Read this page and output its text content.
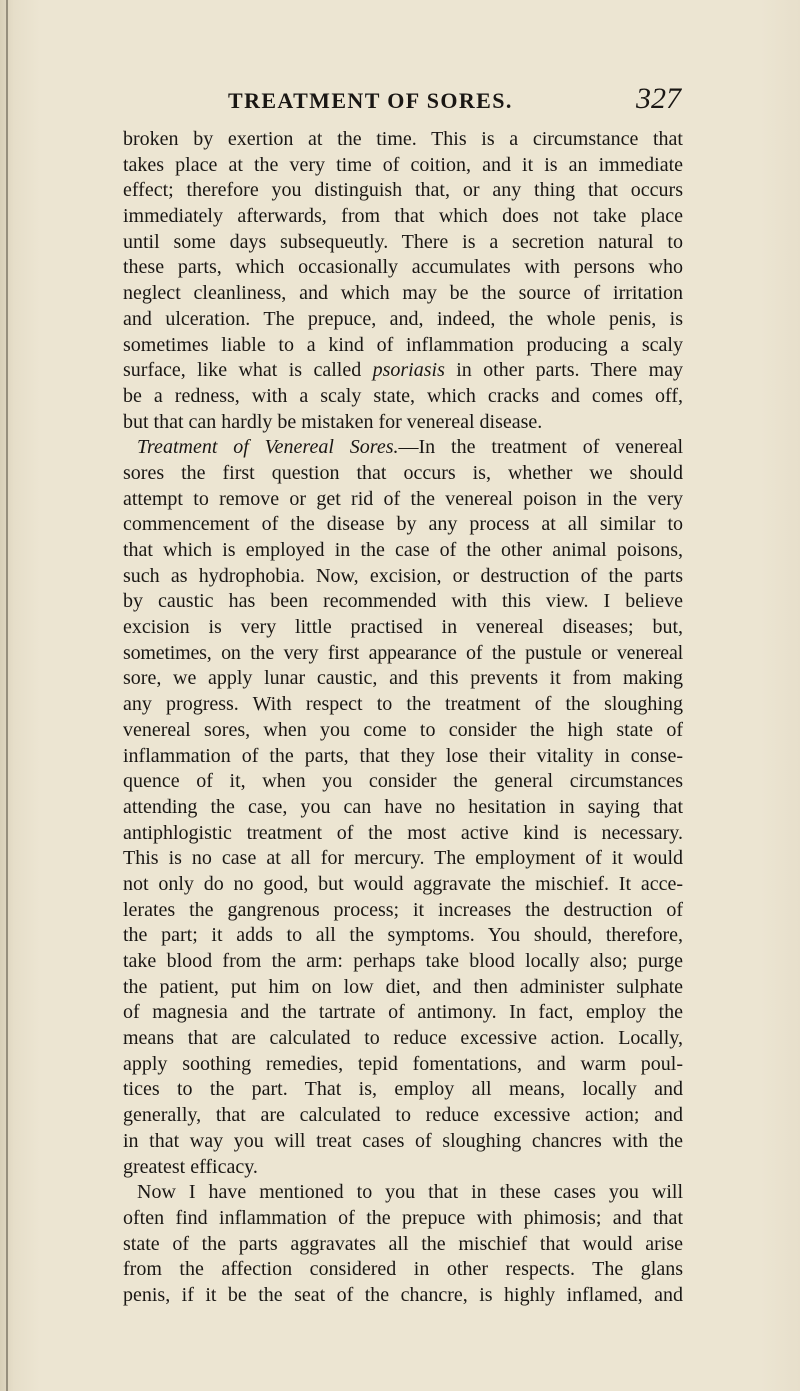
TREATMENT OF SORES.	327
broken by exertion at the time. This is a circumstance that
takes place at the very time of coition, and it is an immediate
effect; therefore you distinguish that, or any thing that occurs
immediately afterwards, from that which does not take place
until some days subsequeutly. There is a secretion natural to
these parts, which occasionally accumulates with persons who
neglect cleanliness, and which may be the source of irritation
and ulceration. The prepuce, and, indeed, the whole penis, is
sometimes liable to a kind of inflammation producing a scaly
surface, like what is called psoriasis in other parts. There may
be a redness, with a scaly state, which cracks and comes off,
but that can hardly be mistaken for venereal disease.
Treatment of Venereal Sores.—In the treatment of venereal
sores the first question that occurs is, whether we should
attempt to remove or get rid of the venereal poison in the very
commencement of the disease by any process at all similar to
that which is employed in the case of the other animal poisons,
such as hydrophobia. Now, excision, or destruction of the parts
by caustic has been recommended with this view. I believe
excision is very little practised in venereal diseases; but,
sometimes, on the very first appearance of the pustule or venereal
sore, we apply lunar caustic, and this prevents it from making
any progress. With respect to the treatment of the sloughing
venereal sores, when you come to consider the high state of
inflammation of the parts, that they lose their vitality in conse-
quence of it, when you consider the general circumstances
attending the case, you can have no hesitation in saying that
antiphlogistic treatment of the most active kind is necessary.
This is no case at all for mercury. The employment of it would
not only do no good, but would aggravate the mischief. It acce-
lerates the gangrenous process; it increases the destruction of
the part; it adds to all the symptoms. You should, therefore,
take blood from the arm: perhaps take blood locally also; purge
the patient, put him on low diet, and then administer sulphate
of magnesia and the tartrate of antimony. In fact, employ the
means that are calculated to reduce excessive action. Locally,
apply soothing remedies, tepid fomentations, and warm poul-
tices to the part. That is, employ all means, locally and
generally, that are calculated to reduce excessive action; and
in that way you will treat cases of sloughing chancres with the
greatest efficacy.
Now I have mentioned to you that in these cases you will
often find inflammation of the prepuce with phimosis; and that
state of the parts aggravates all the mischief that would arise
from the affection considered in other respects. The glans
penis, if it be the seat of the chancre, is highly inflamed, and
